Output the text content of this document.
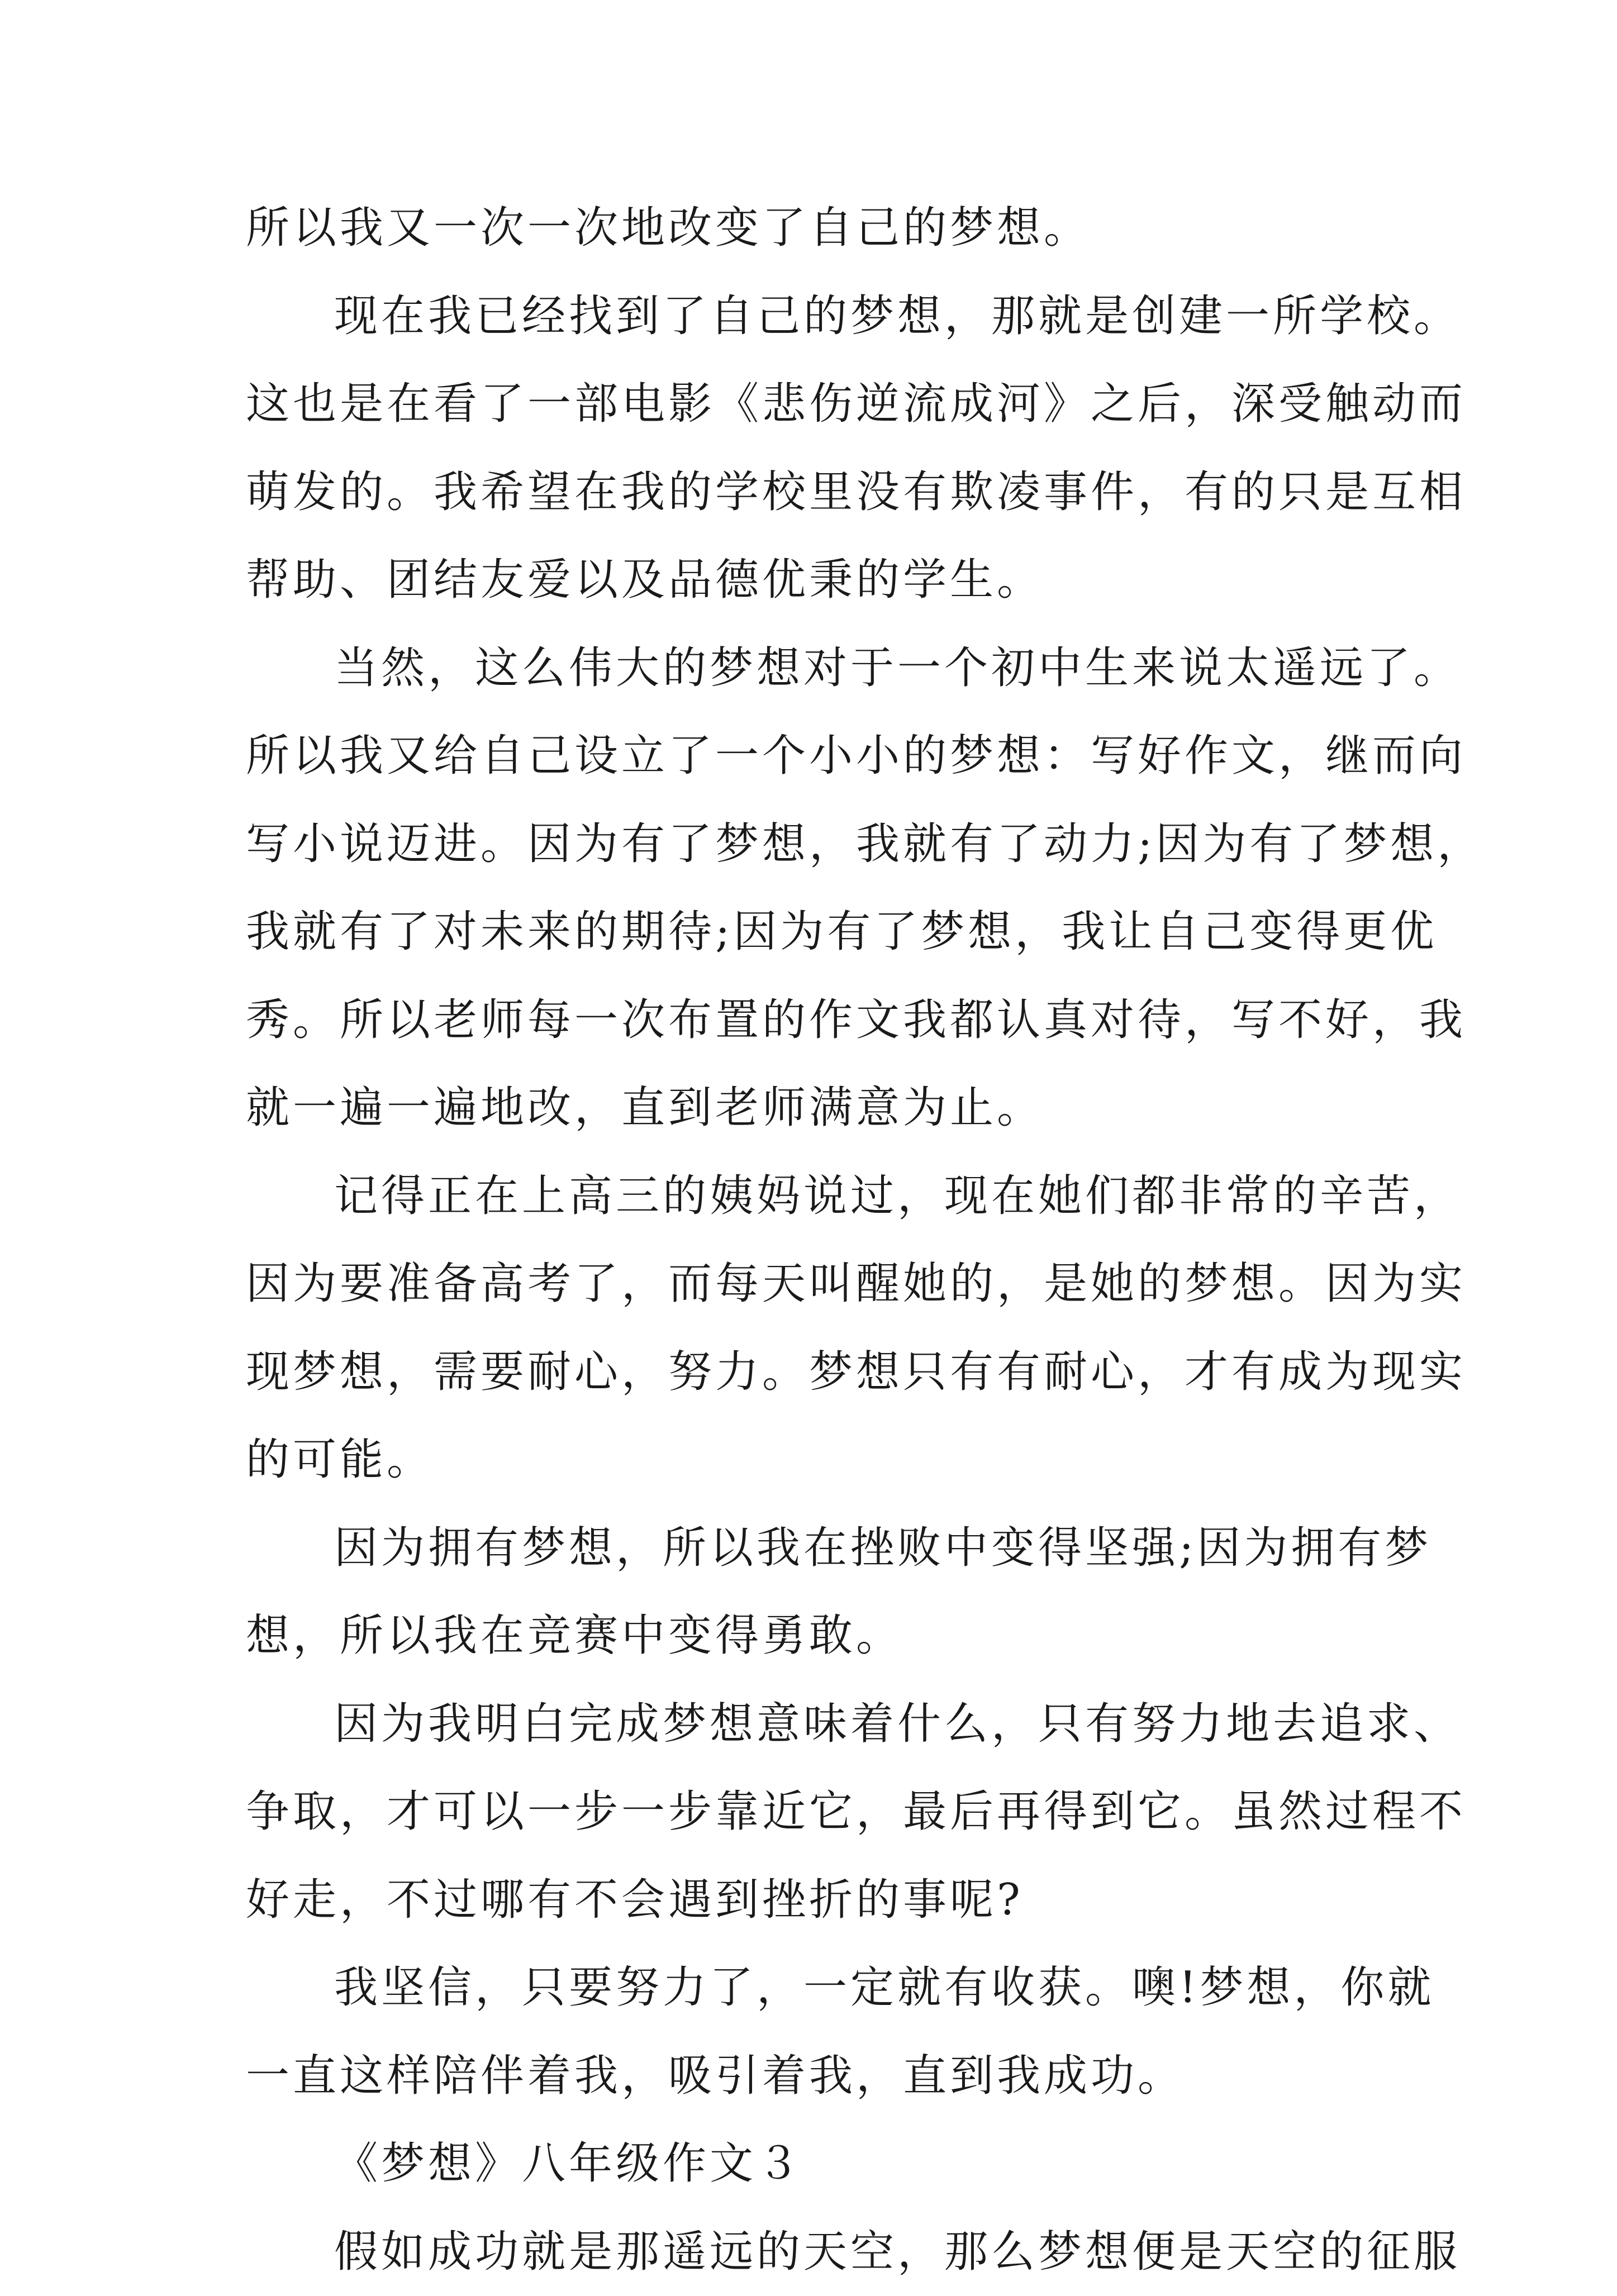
所以我又一次一次地改变了自己的梦想。
现在我已经找到了自己的梦想，那就是创建一所学校。
这也是在看了一部电影《悲伤逆流成河》之后，深受触动而
萌发的。我希望在我的学校里没有欺凌事件，有的只是互相
帮助、团结友爱以及品德优秉的学生。
当然，这么伟大的梦想对于一个初中生来说太遥远了。
所以我又给自己设立了一个小小的梦想：写好作文，继而向
写小说迈进。因为有了梦想，我就有了动力;因为有了梦想，
我就有了对未来的期待;因为有了梦想，我让自己变得更优
秀。所以老师每一次布置的作文我都认真对待，写不好，我
就一遍一遍地改，直到老师满意为止。
记得正在上高三的姨妈说过，现在她们都非常的辛苦，
因为要准备高考了，而每天叫醒她的，是她的梦想。因为实
现梦想，需要耐心，努力。梦想只有有耐心，才有成为现实
的可能。
因为拥有梦想，所以我在挫败中变得坚强;因为拥有梦
想，所以我在竞赛中变得勇敢。
因为我明白完成梦想意味着什么，只有努力地去追求、
争取，才可以一步一步靠近它，最后再得到它。虽然过程不
好走，不过哪有不会遇到挫折的事呢?
我坚信，只要努力了，一定就有收获。噢!梦想，你就
一直这样陪伴着我，吸引着我，直到我成功。
《梦想》八年级作文３
假如成功就是那遥远的天空，那么梦想便是天空的征服
